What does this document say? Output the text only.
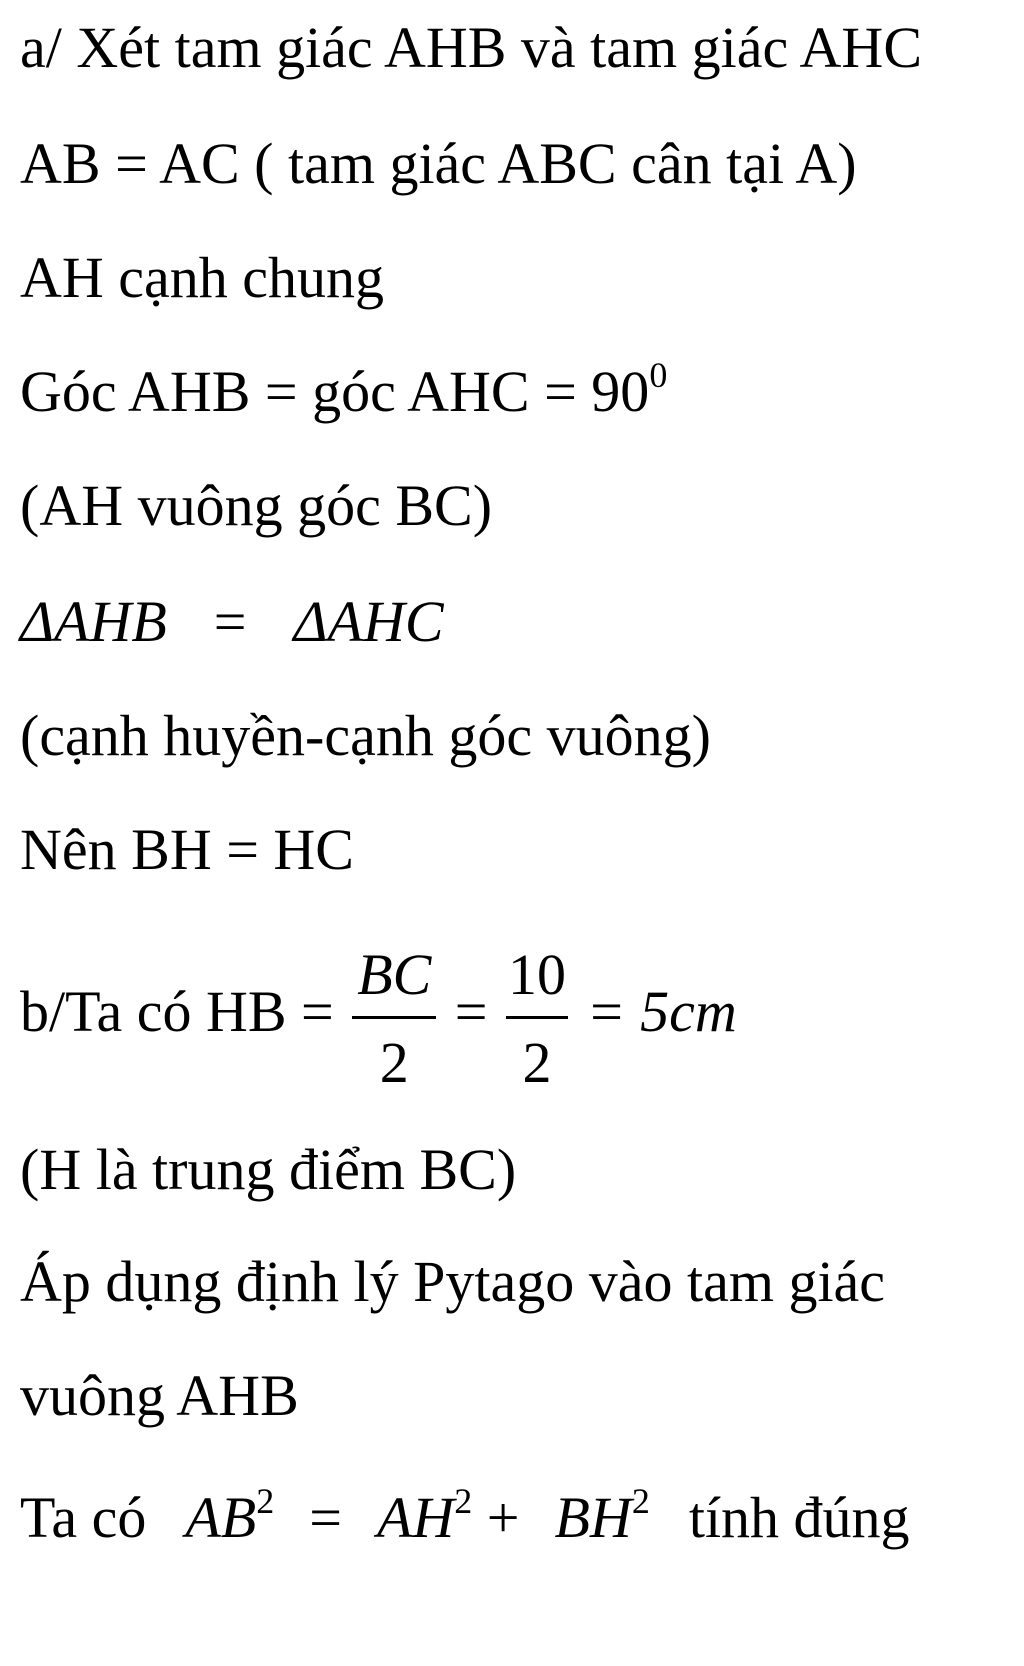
a/ Xét tam giác AHB và tam giác AHC
AB = AC ( tam giác ABC cân tại A)
AH cạnh chung
Góc AHB = góc AHC = $90^0$
(AH vuông góc BC)
ΔAHB = ΔAHC
(cạnh huyền-cạnh góc vuông)
Nên BH = HC
b/Ta có HB = $\frac{BC}{2} = \frac{10}{2} = 5cm$
(H là trung điểm BC)
Áp dụng định lý Pytago vào tam giác
vuông AHB
Ta có $AB^2 = AH^2 + BH^2$ tính đúng
